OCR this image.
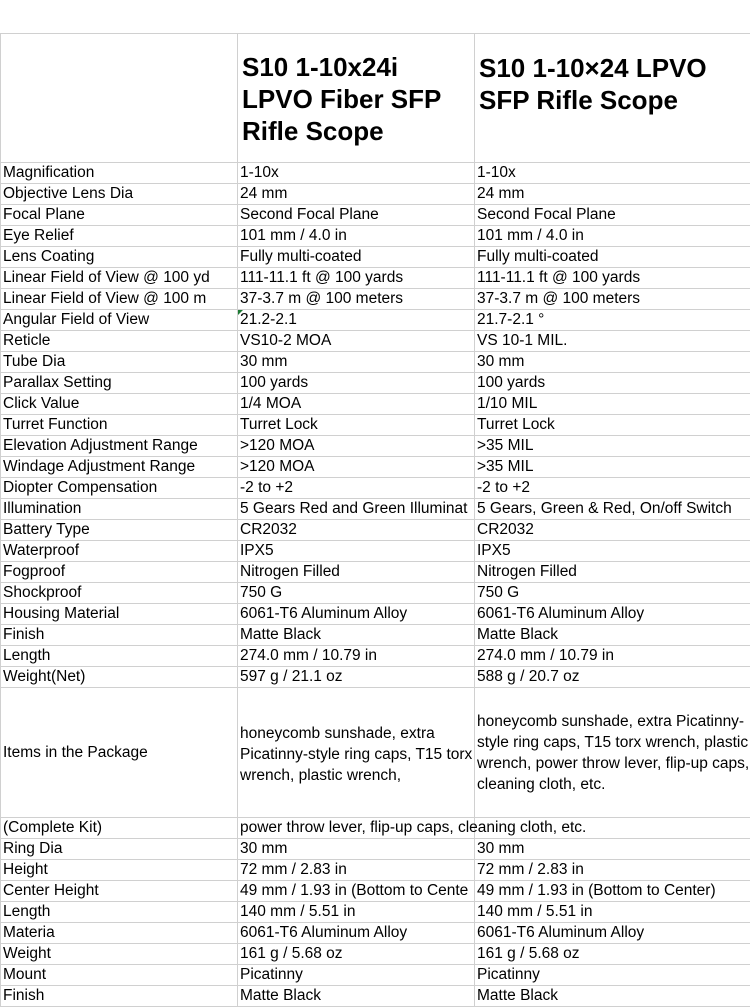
	S10 1-10x24i LPVO Fiber SFP Rifle Scope	S10 1-10×24 LPVO SFP Rifle Scope
Magnification	1-10x	1-10x
Objective Lens Dia	24 mm	24 mm
Focal Plane	Second Focal Plane	Second Focal Plane
Eye Relief	101 mm / 4.0 in	101 mm / 4.0 in
Lens Coating	Fully multi-coated	Fully multi-coated
Linear Field of View @ 100 yd	111-11.1 ft @ 100 yards	111-11.1 ft @ 100 yards
Linear Field of View @ 100 m	37-3.7 m @ 100 meters	37-3.7 m @ 100 meters
Angular Field of View	21.2-2.1	21.7-2.1 °
Reticle	VS10-2 MOA	VS 10-1 MIL.
Tube Dia	30 mm	30 mm
Parallax Setting	100 yards	100 yards
Click Value	1/4 MOA	1/10 MIL
Turret Function	Turret Lock	Turret Lock
Elevation Adjustment Range	>120 MOA	>35 MIL
Windage Adjustment Range	>120 MOA	>35 MIL
Diopter Compensation	-2 to +2	-2 to +2
Illumination	5 Gears Red and Green Illuminat	5 Gears, Green & Red, On/off Switch
Battery Type	CR2032	CR2032
Waterproof	IPX5	IPX5
Fogproof	Nitrogen Filled	Nitrogen Filled
Shockproof	750 G	750 G
Housing Material	6061-T6 Aluminum Alloy	6061-T6 Aluminum Alloy
Finish	Matte Black	Matte Black
Length	274.0 mm / 10.79 in	274.0 mm / 10.79 in
Weight(Net)	597 g / 21.1 oz	588 g / 20.7 oz
Items in the Package	honeycomb sunshade, extra Picatinny-style ring caps, T15 torx wrench, plastic wrench,	honeycomb sunshade, extra Picatinny-style ring caps, T15 torx wrench, plastic wrench, power throw lever, flip-up caps, cleaning cloth, etc.
(Complete Kit)	power throw lever, flip-up caps, cleaning cloth, etc.	
Ring Dia	30 mm	30 mm
Height	72 mm / 2.83 in	72 mm / 2.83 in
Center Height	49 mm / 1.93 in (Bottom to Cente	49 mm / 1.93 in (Bottom to Center)
Length	140 mm / 5.51 in	140 mm / 5.51 in
Materia	6061-T6 Aluminum Alloy	6061-T6 Aluminum Alloy
Weight	161 g / 5.68 oz	161 g / 5.68 oz
Mount	Picatinny	Picatinny
Finish	Matte Black	Matte Black
